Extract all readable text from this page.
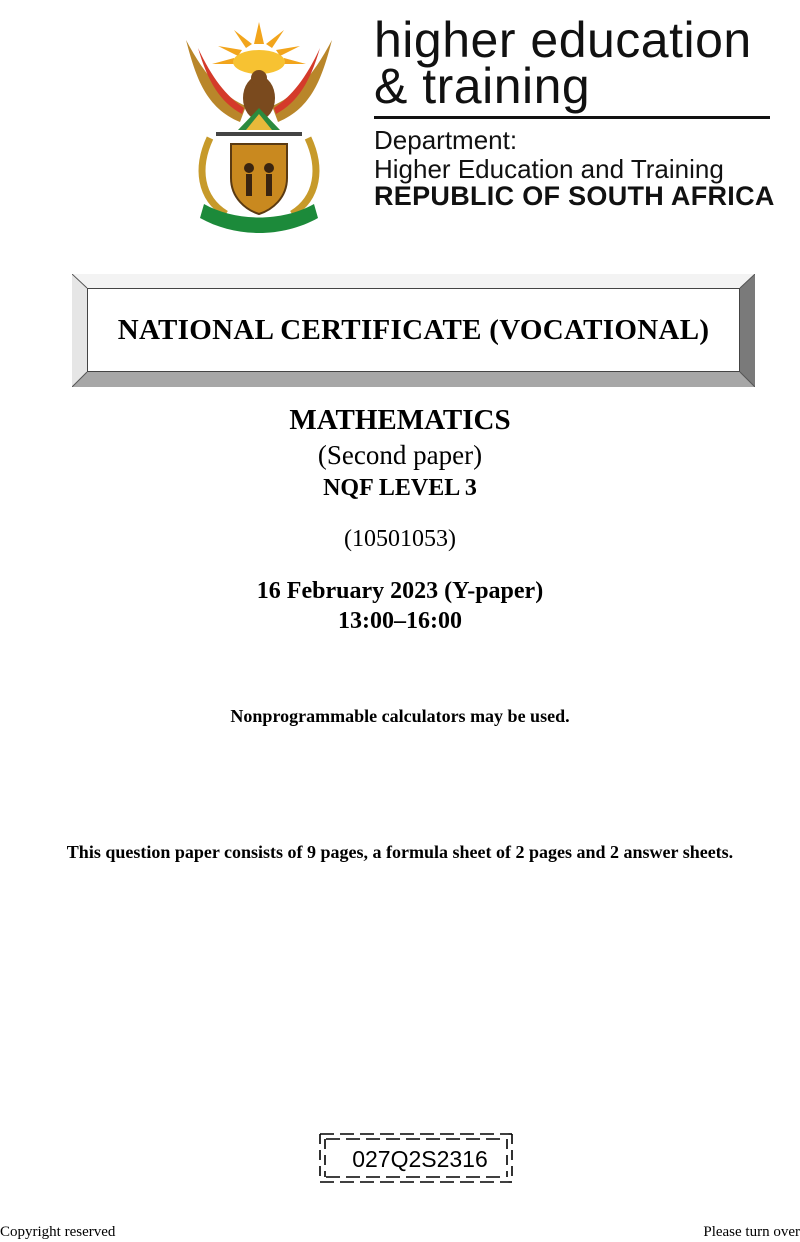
higher education
& training
Department:
Higher Education and Training
REPUBLIC OF SOUTH AFRICA
NATIONAL CERTIFICATE (VOCATIONAL)
MATHEMATICS
(Second paper)
NQF LEVEL 3
(10501053)
16 February 2023 (Y-paper)
13:00–16:00
Nonprogrammable calculators may be used.
This question paper consists of 9 pages, a formula sheet of 2 pages and 2 answer sheets.
027Q2S2316
Copyright reserved	Please turn over
